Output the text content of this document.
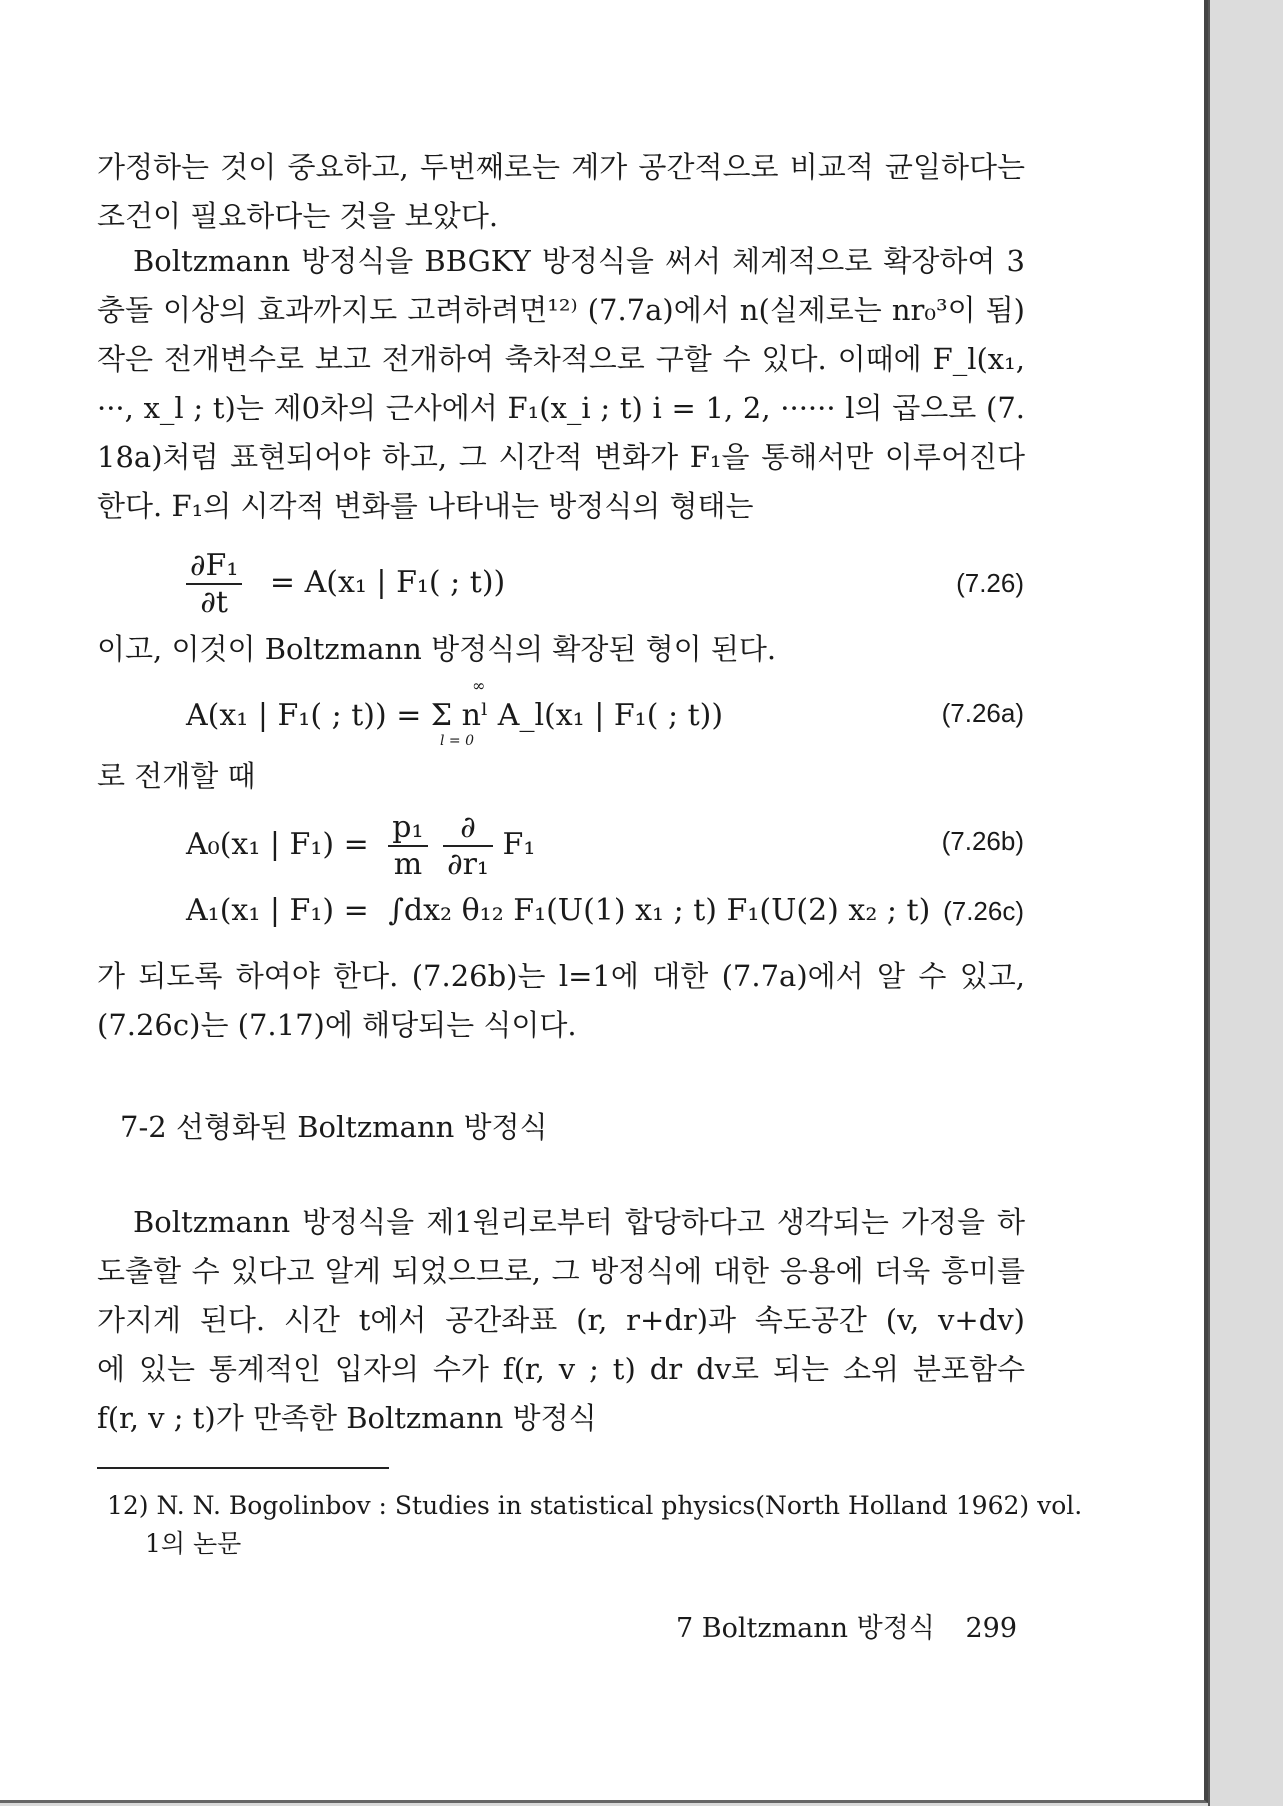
가정하는 것이 중요하고, 두번째로는 계가 공간적으로 비교적 균일하다는
조건이 필요하다는 것을 보았다.
Boltzmann 방정식을 BBGKY 방정식을 써서 체계적으로 확장하여 3
충돌 이상의 효과까지도 고려하려면¹²⁾ (7.7a)에서 n(실제로는 nr₀³이 됨)
작은 전개변수로 보고 전개하여 축차적으로 구할 수 있다. 이때에 F_l(x₁,
···, x_l ; t)는 제0차의 근사에서 F₁(x_i ; t) i = 1, 2, ······ l의 곱으로 (7.
18a)처럼 표현되어야 하고, 그 시간적 변화가 F₁을 통해서만 이루어진다
한다. F₁의 시각적 변화를 나타내는 방정식의 형태는
$\frac{\text{∂F₁}}{\partial t} = A(x_1$ | F₁( ; t))	(7.26)
이고, 이것이 Boltzmann 방정식의 확장된 형이 된다.
A(x₁ | F₁( ; t)) = Σ nˡ A_l(x₁ | F₁( ; t))
∞
l = 0
(7.26a)
로 전개할 때
A₀(x₁ | $F_1) = \frac{\text{p₁}}{m}$
$\frac{\partial}{\text{∂r₁}} F_1$	(7.26b)
A₁(x₁ | F₁) = ∫dx₂ θ₁₂ F₁(U(1) x₁ ; t) F₁(U(2) x₂ ; t) (7.26c)
가 되도록 하여야 한다. (7.26b)는 l=1에 대한 (7.7a)에서 알 수 있고,
(7.26c)는 (7.17)에 해당되는 식이다.
7-2 선형화된 Boltzmann 방정식
Boltzmann 방정식을 제1원리로부터 합당하다고 생각되는 가정을 하
도출할 수 있다고 알게 되었으므로, 그 방정식에 대한 응용에 더욱 흥미를
가지게 된다. 시간 t에서 공간좌표 (r, r+dr)과 속도공간 (v, v+dv)
에 있는 통계적인 입자의 수가 f(r, v ; t) dr dv로 되는 소위 분포함수
f(r, v ; t)가 만족한 Boltzmann 방정식
12) N. N. Bogolinbov : Studies in statistical physics(North Holland 1962) vol.
1의 논문
7 Boltzmann 방정식 299
